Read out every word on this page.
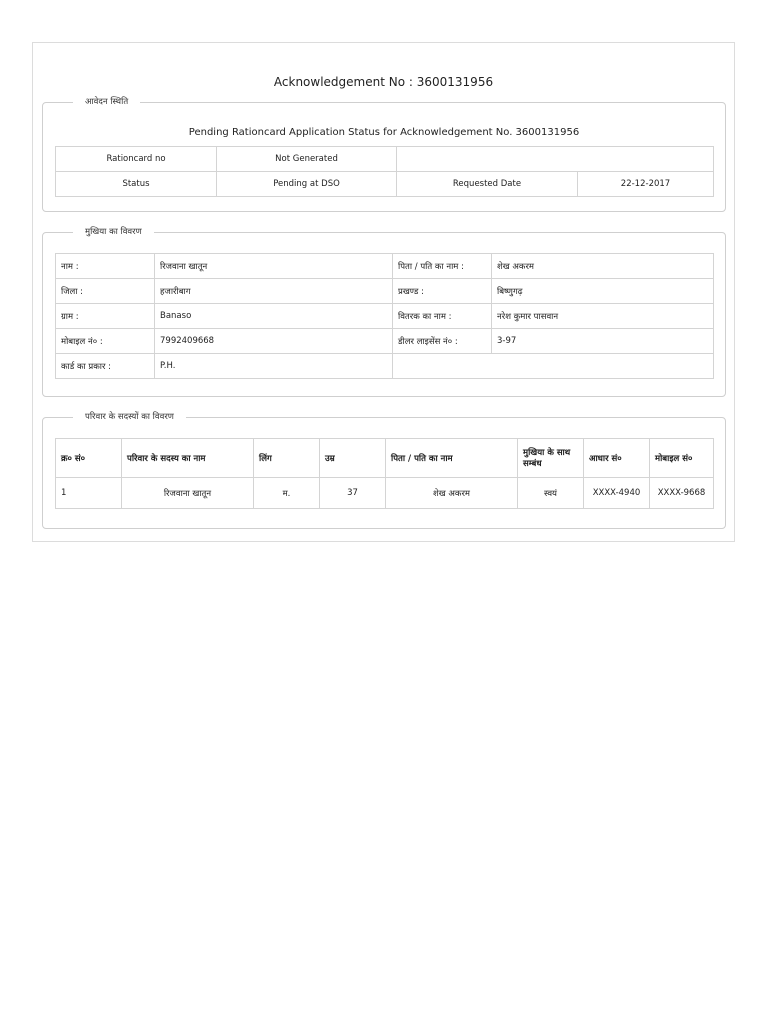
Acknowledgement No : 3600131956
आवेदन स्थिति
Pending Rationcard Application Status for Acknowledgement No. 3600131956
Rationcard no	Not Generated		
Status	Pending at DSO	Requested Date	22-12-2017
मुखिया का विवरण
नाम :	रिजवाना खातून	पिता / पति का नाम :	शेख अकरम
जिला :	हजारीबाग	प्रखण्ड :	बिष्णुगढ़
ग्राम :	Banaso	वितरक का नाम :	नरेश कुमार पासवान
मोबाइल नं० :	7992409668	डीलर लाइसेंस नं० :	3-97
कार्ड का प्रकार :	P.H.		
परिवार के सदस्यों का विवरण
क्र० सं०	परिवार के सदस्य का नाम	लिंग	उम्र	पिता / पति का नाम	मुखिया के साथ सम्बंध	आधार सं०	मोबाइल सं०
1	रिजवाना खातून	म.	37	शेख अकरम	स्वयं	XXXX-4940	XXXX-9668
